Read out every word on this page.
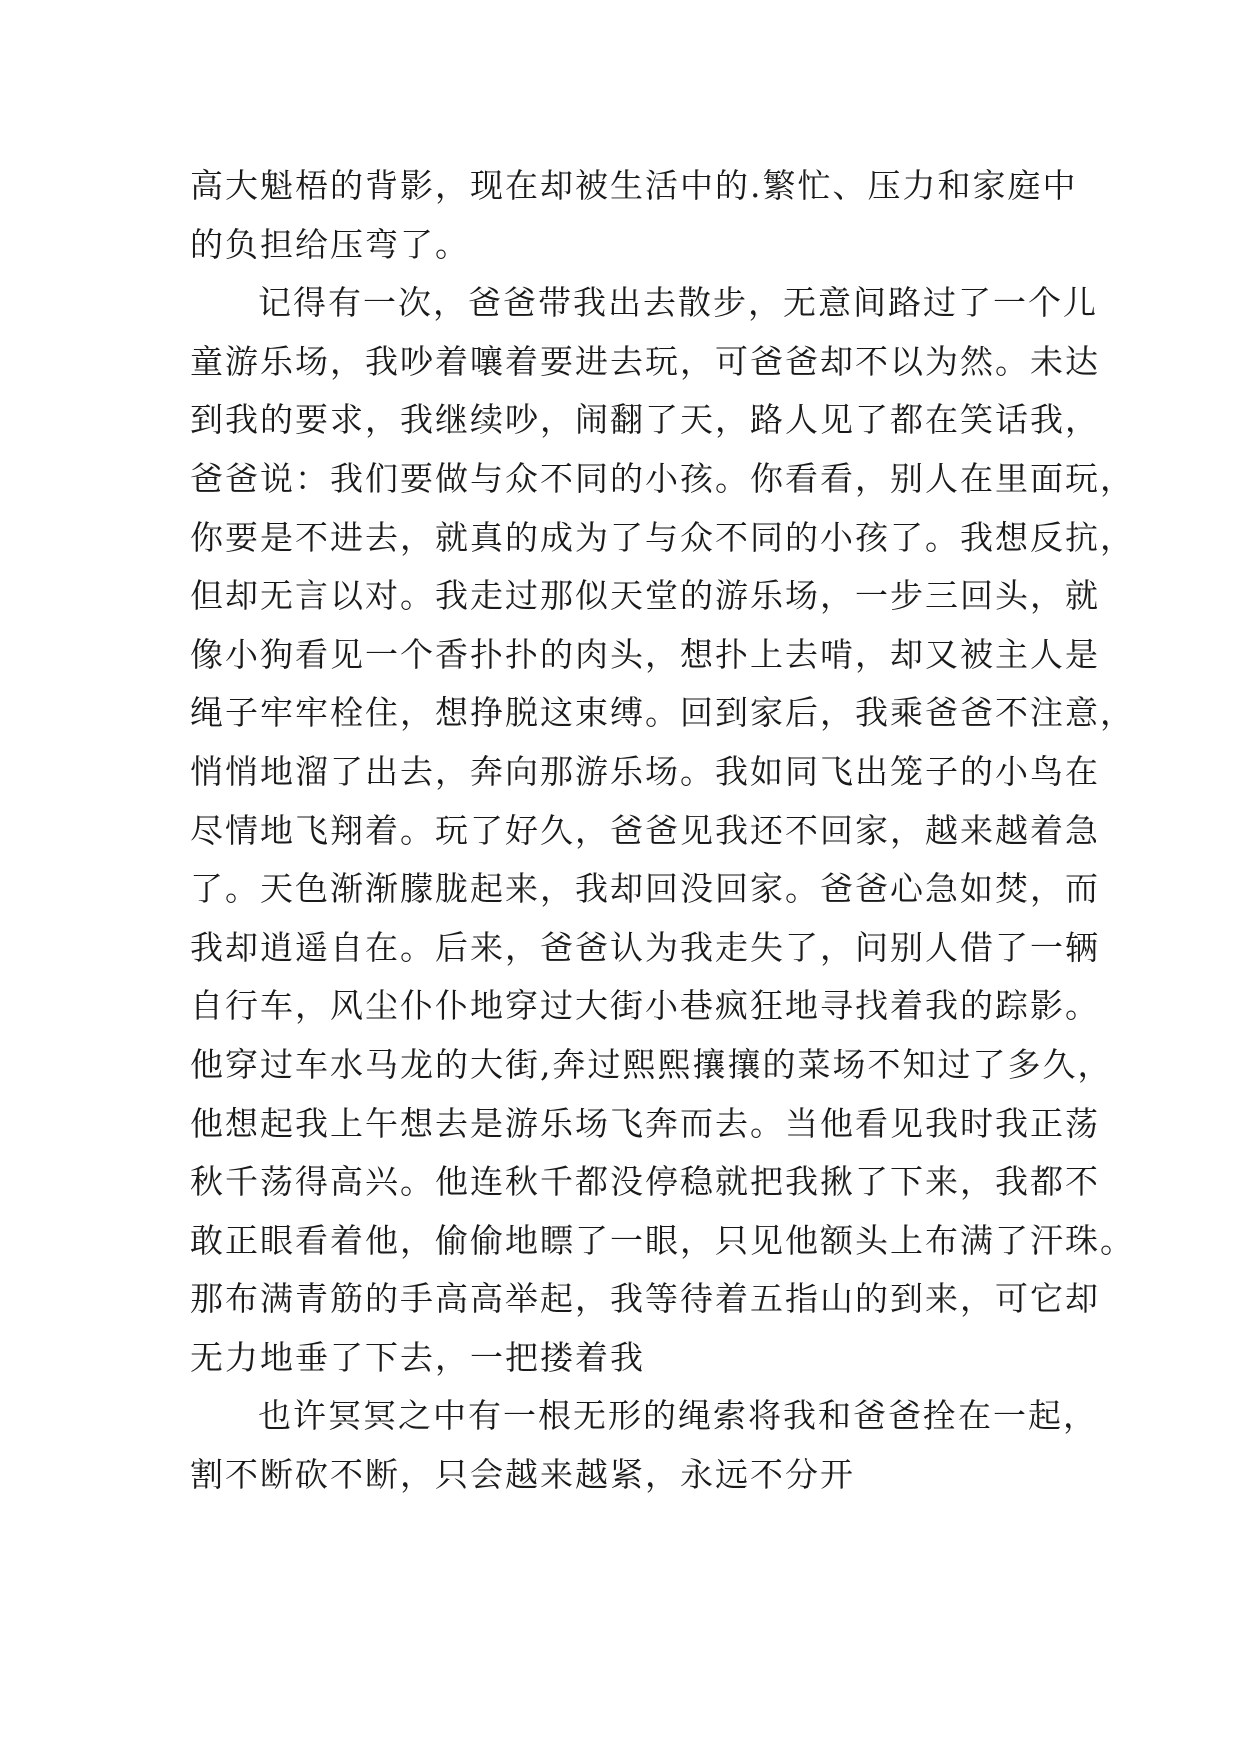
高大魁梧的背影，现在却被生活中的.繁忙、压力和家庭中
的负担给压弯了。
记得有一次，爸爸带我出去散步，无意间路过了一个儿
童游乐场，我吵着嚷着要进去玩，可爸爸却不以为然。未达
到我的要求，我继续吵，闹翻了天，路人见了都在笑话我，
爸爸说：我们要做与众不同的小孩。你看看，别人在里面玩，
你要是不进去，就真的成为了与众不同的小孩了。我想反抗，
但却无言以对。我走过那似天堂的游乐场，一步三回头，就
像小狗看见一个香扑扑的肉头，想扑上去啃，却又被主人是
绳子牢牢栓住，想挣脱这束缚。回到家后，我乘爸爸不注意，
悄悄地溜了出去，奔向那游乐场。我如同飞出笼子的小鸟在
尽情地飞翔着。玩了好久，爸爸见我还不回家，越来越着急
了。天色渐渐朦胧起来，我却回没回家。爸爸心急如焚，而
我却逍遥自在。后来，爸爸认为我走失了，问别人借了一辆
自行车，风尘仆仆地穿过大街小巷疯狂地寻找着我的踪影。
他穿过车水马龙的大街,奔过熙熙攘攘的菜场不知过了多久，
他想起我上午想去是游乐场飞奔而去。当他看见我时我正荡
秋千荡得高兴。他连秋千都没停稳就把我揪了下来，我都不
敢正眼看着他，偷偷地瞟了一眼，只见他额头上布满了汗珠。
那布满青筋的手高高举起，我等待着五指山的到来，可它却
无力地垂了下去，一把搂着我
也许冥冥之中有一根无形的绳索将我和爸爸拴在一起，
割不断砍不断，只会越来越紧，永远不分开
